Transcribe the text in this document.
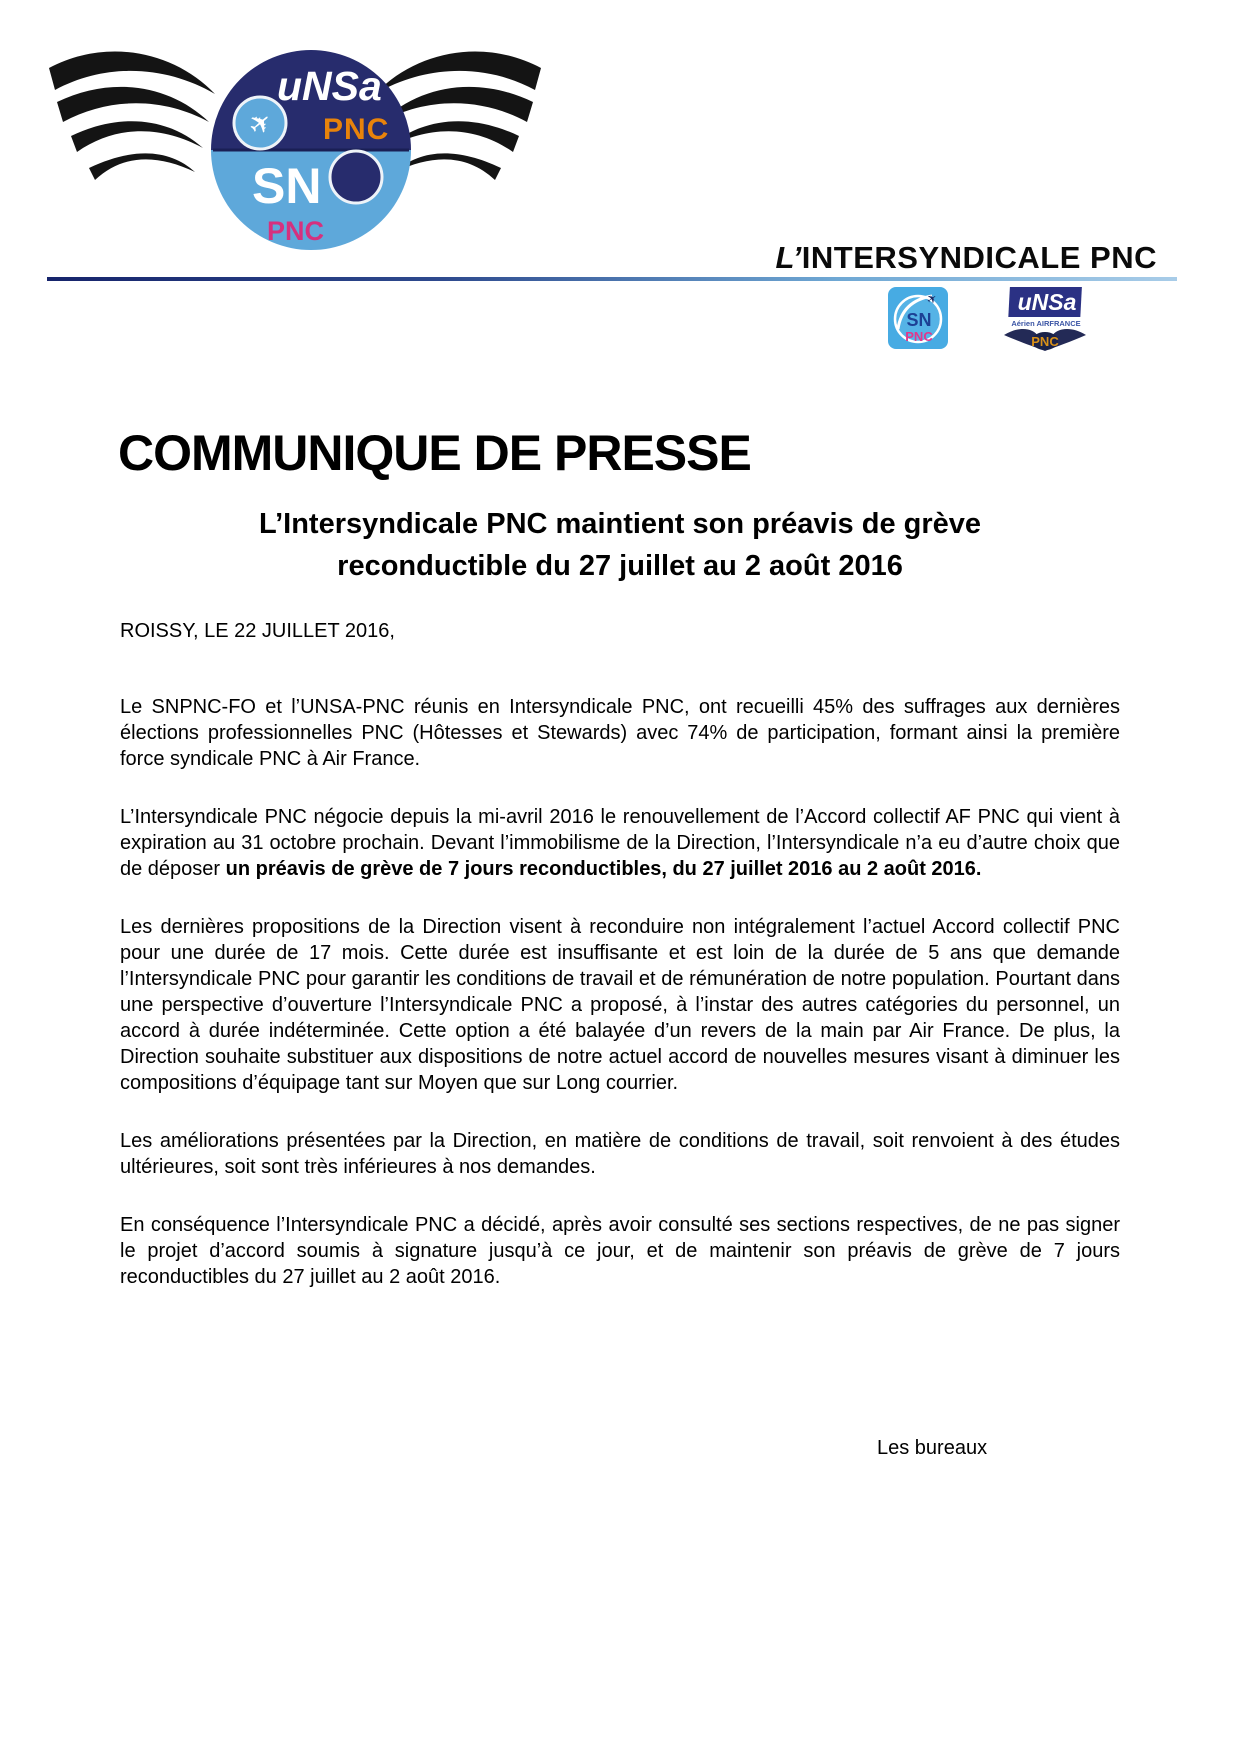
✈
uNSa
PNC
SN
PNC
L’INTERSYNDICALE PNC
✈
SN
PNC
uNSa
Aérien AIRFRANCE
PNC
COMMUNIQUE DE PRESSE
L’Intersyndicale PNC maintient son préavis de grève
reconductible du 27 juillet au 2 août 2016
ROISSY, LE 22 JUILLET 2016,

Le SNPNC-FO et l’UNSA-PNC réunis en Intersyndicale PNC, ont recueilli 45% des suffrages aux dernières élections professionnelles PNC (Hôtesses et Stewards) avec 74% de participation, formant ainsi la première force syndicale PNC à Air France.

L’Intersyndicale PNC négocie depuis la mi-avril 2016 le renouvellement de l’Accord collectif AF PNC qui vient à expiration au 31 octobre prochain. Devant l’immobilisme de la Direction, l’Intersyndicale n’a eu d’autre choix que de déposer un préavis de grève de 7 jours reconductibles, du 27 juillet 2016 au 2 août 2016.

Les dernières propositions de la Direction visent à reconduire non intégralement l’actuel Accord collectif PNC pour une durée de 17 mois. Cette durée est insuffisante et est loin de la durée de 5 ans que demande l’Intersyndicale PNC pour garantir les conditions de travail et de rémunération de notre population. Pourtant dans une perspective d’ouverture l’Intersyndicale PNC a proposé, à l’instar des autres catégories du personnel, un accord à durée indéterminée. Cette option a été balayée d’un revers de la main par Air France. De plus, la Direction souhaite substituer aux dispositions de notre actuel accord de nouvelles mesures visant à diminuer les compositions d’équipage tant sur Moyen que sur Long courrier.

Les améliorations présentées par la Direction, en matière de conditions de travail, soit renvoient à des études ultérieures, soit sont très inférieures à nos demandes.

En conséquence l’Intersyndicale PNC a décidé, après avoir consulté ses sections respectives, de ne pas signer le projet d’accord soumis à signature jusqu’à ce jour, et de maintenir son préavis de grève de 7 jours reconductibles du 27 juillet au 2 août 2016.

Les bureaux
